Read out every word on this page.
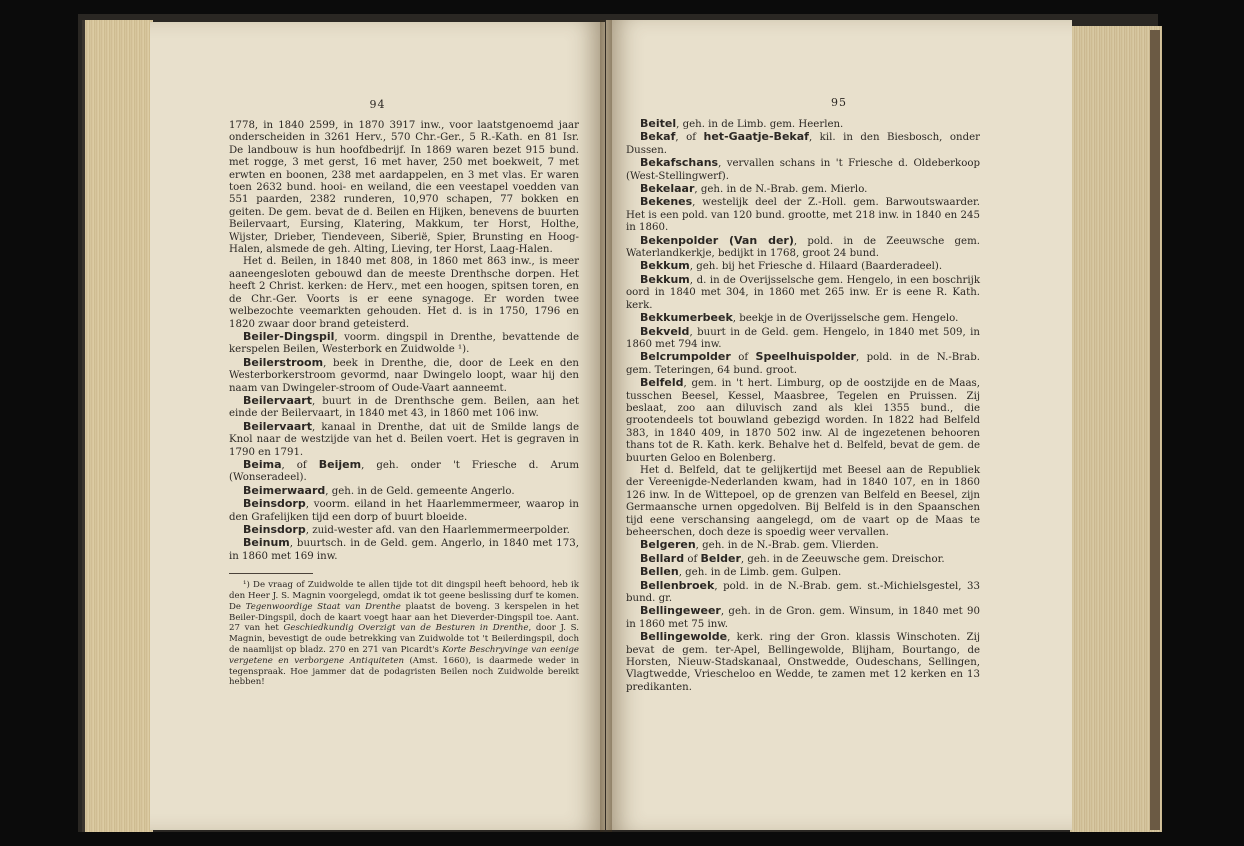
94

1778, in 1840 2599, in 1870 3917 inw., voor laatstgenoemd jaar onderscheiden in 3261 Herv., 570 Chr.-Ger., 5 R.-Kath. en 81 Isr. De landbouw is hun hoofdbedrijf. In 1869 waren bezet 915 bund. met rogge, 3 met gerst, 16 met haver, 250 met boekweit, 7 met erwten en boonen, 238 met aardappelen, en 3 met vlas. Er waren toen 2632 bund. hooi- en weiland, die een veestapel voedden van 551 paarden, 2382 runderen, 10,970 schapen, 77 bokken en geiten. De gem. bevat de d. Beilen en Hijken, benevens de buurten Beilervaart, Eursing, Klatering, Makkum, ter Horst, Holthe, Wijster, Drieber, Tiendeveen, Siberië, Spier, Brunsting en Hoog-Halen, alsmede de geh. Alting, Lieving, ter Horst, Laag-Halen.

Het d. Beilen, in 1840 met 808, in 1860 met 863 inw., is meer aaneengesloten gebouwd dan de meeste Drenthsche dorpen. Het heeft 2 Christ. kerken: de Herv., met een hoogen, spitsen toren, en de Chr.-Ger. Voorts is er eene synagoge. Er worden twee welbezochte veemarkten gehouden. Het d. is in 1750, 1796 en 1820 zwaar door brand geteisterd.

Beiler-Dingspil, voorm. dingspil in Drenthe, bevattende de kerspelen Beilen, Westerbork en Zuidwolde ¹).

Beilerstroom, beek in Drenthe, die, door de Leek en den Westerborkerstroom gevormd, naar Dwingelo loopt, waar hij den naam van Dwingeler-stroom of Oude-Vaart aanneemt.

Beilervaart, buurt in de Drenthsche gem. Beilen, aan het einde der Beilervaart, in 1840 met 43, in 1860 met 106 inw.

Beilervaart, kanaal in Drenthe, dat uit de Smilde langs de Knol naar de westzijde van het d. Beilen voert. Het is gegraven in 1790 en 1791.

Beima, of Beijem, geh. onder 't Friesche d. Arum (Wonseradeel).

Beimerwaard, geh. in de Geld. gemeente Angerlo.

Beinsdorp, voorm. eiland in het Haarlemmermeer, waarop in den Grafelijken tijd een dorp of buurt bloeide.

Beinsdorp, zuid-wester afd. van den Haarlemmermeerpolder.

Beinum, buurtsch. in de Geld. gem. Angerlo, in 1840 met 173, in 1860 met 169 inw.

¹) De vraag of Zuidwolde te allen tijde tot dit dingspil heeft behoord, heb ik den Heer J. S. Magnin voorgelegd, omdat ik tot geene beslissing durf te komen. De Tegenwoordige Staat van Drenthe plaatst de boveng. 3 kerspelen in het Beiler-Dingspil, doch de kaart voegt haar aan het Dieverder-Dingspil toe. Aant. 27 van het Geschiedkundig Overzigt van de Besturen in Drenthe, door J. S. Magnin, bevestigt de oude betrekking van Zuidwolde tot 't Beilerdingspil, doch de naamlijst op bladz. 270 en 271 van Picardt's Korte Beschryvinge van eenige vergetene en verborgene Antiquiteten (Amst. 1660), is daarmede weder in tegenspraak. Hoe jammer dat de podagristen Beilen noch Zuidwolde bereikt hebben!

95

Beitel, geh. in de Limb. gem. Heerlen.

Bekaf, of het-Gaatje-Bekaf, kil. in den Biesbosch, onder Dussen.

Bekafschans, vervallen schans in 't Friesche d. Oldeberkoop (West-Stellingwerf).

Bekelaar, geh. in de N.-Brab. gem. Mierlo.

Bekenes, westelijk deel der Z.-Holl. gem. Barwoutswaarder. Het is een pold. van 120 bund. grootte, met 218 inw. in 1840 en 245 in 1860.

Bekenpolder (Van der), pold. in de Zeeuwsche gem. Waterlandkerkje, bedijkt in 1768, groot 24 bund.

Bekkum, geh. bij het Friesche d. Hilaard (Baarderadeel).

Bekkum, d. in de Overijsselsche gem. Hengelo, in een boschrijk oord in 1840 met 304, in 1860 met 265 inw. Er is eene R. Kath. kerk.

Bekkumerbeek, beekje in de Overijsselsche gem. Hengelo.

Bekveld, buurt in de Geld. gem. Hengelo, in 1840 met 509, in 1860 met 794 inw.

Belcrumpolder of Speelhuispolder, pold. in de N.-Brab. gem. Teteringen, 64 bund. groot.

Belfeld, gem. in 't hert. Limburg, op de oostzijde en de Maas, tusschen Beesel, Kessel, Maasbree, Tegelen en Pruissen. Zij beslaat, zoo aan diluvisch zand als klei 1355 bund., die grootendeels tot bouwland gebezigd worden. In 1822 had Belfeld 383, in 1840 409, in 1870 502 inw. Al de ingezetenen behooren thans tot de R. Kath. kerk. Behalve het d. Belfeld, bevat de gem. de buurten Geloo en Bolenberg.

Het d. Belfeld, dat te gelijkertijd met Beesel aan de Republiek der Vereenigde-Nederlanden kwam, had in 1840 107, en in 1860 126 inw. In de Wittepoel, op de grenzen van Belfeld en Beesel, zijn Germaansche urnen opgedolven. Bij Belfeld is in den Spaanschen tijd eene verschansing aangelegd, om de vaart op de Maas te beheerschen, doch deze is spoedig weer vervallen.

Belgeren, geh. in de N.-Brab. gem. Vlierden.

Bellard of Belder, geh. in de Zeeuwsche gem. Dreischor.

Bellen, geh. in de Limb. gem. Gulpen.

Bellenbroek, pold. in de N.-Brab. gem. st.-Michielsgestel, 33 bund. gr.

Bellingeweer, geh. in de Gron. gem. Winsum, in 1840 met 90 in 1860 met 75 inw.

Bellingewolde, kerk. ring der Gron. klassis Winschoten. Zij bevat de gem. ter-Apel, Bellingewolde, Blijham, Bourtango, de Horsten, Nieuw-Stadskanaal, Onstwedde, Oudeschans, Sellingen, Vlagtwedde, Vriescheloo en Wedde, te zamen met 12 kerken en 13 predikanten.
